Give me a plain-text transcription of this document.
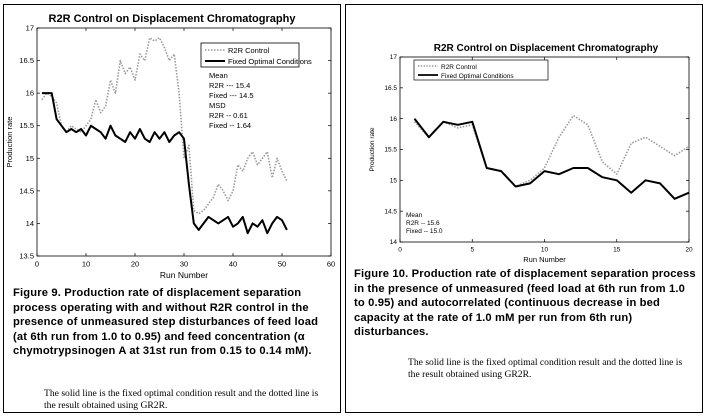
R2R Control on Displacement Chromatography
0	10	20	30	40	50	60
13.5
14
14.5
15
15.5
16
16.5
17
Run Number
Production rate
R2R Control
Fixed Optimal Conditions
Mean
R2R --- 15.4
Fixed --- 14.5
MSD
R2R -- 0.61
Fixed -- 1.64
Figure 9. Production rate of displacement separation process operating with and without R2R control in the presence of unmeasured step disturbances of feed load (at 6th run from 1.0 to 0.95) and feed concentration (α chymotrypsinogen A at 31st run from 0.15 to 0.14 mM).
The solid line is the fixed optimal condition result and the dotted line is the result obtained using GR2R.
R2R Control on Displacement Chromatography
0	5	10	15	20
14
14.5
15
15.5
16
16.5
17
Run Number
Production rate
R2R Control
Fixed Optimal Conditions
Mean
R2R -- 15.6
Fixed -- 15.0
Figure 10. Production rate of displacement separation process in the presence of unmeasured (feed load at 6th run from 1.0 to 0.95) and autocorrelated (continuous decrease in bed capacity at the rate of 1.0 mM per run from 6th run) disturbances.
The solid line is the fixed optimal condition result and the dotted line is the result obtained using GR2R.
